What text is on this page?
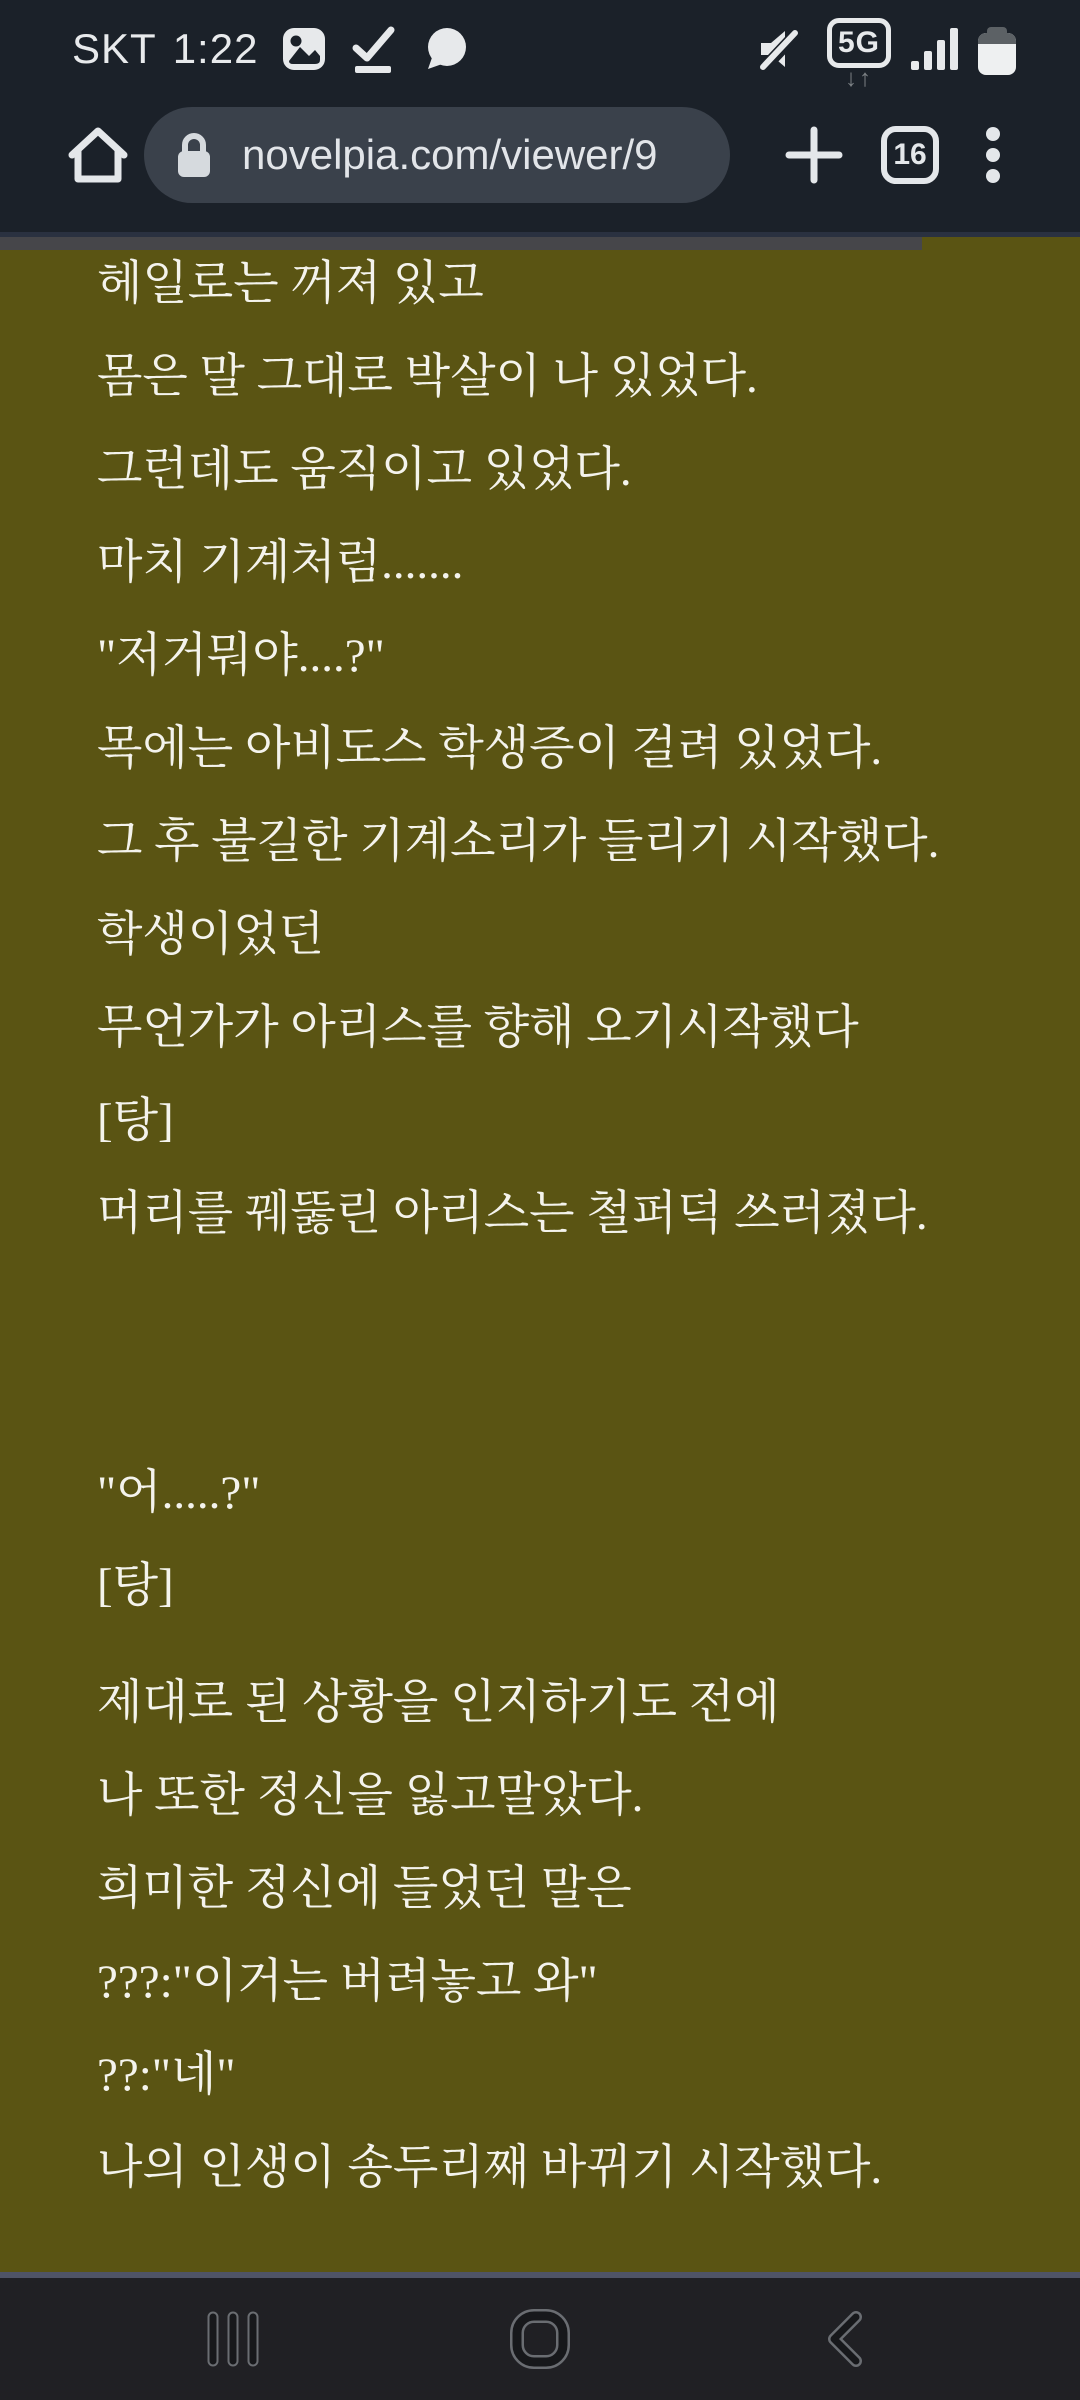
SKT 1:22	5G
↓↑
novelpia.com/viewer/9	16

헤일로는 꺼져 있고

몸은 말 그대로 박살이 나 있었다.

그런데도 움직이고 있었다.

마치 기계처럼.......

"저거뭐야....?"

목에는 아비도스 학생증이 걸려 있었다.

그 후 불길한 기계소리가 들리기 시작했다.

학생이었던

무언가가 아리스를 향해 오기시작했다

[탕]

머리를 꿰뚫린 아리스는 철퍼덕 쓰러졌다.

"어.....?"

[탕]

제대로 된 상황을 인지하기도 전에

나 또한 정신을 잃고말았다.

희미한 정신에 들었던 말은

???:"이거는 버려놓고 와"

??:"네"

나의 인생이 송두리째 바뀌기 시작했다.
